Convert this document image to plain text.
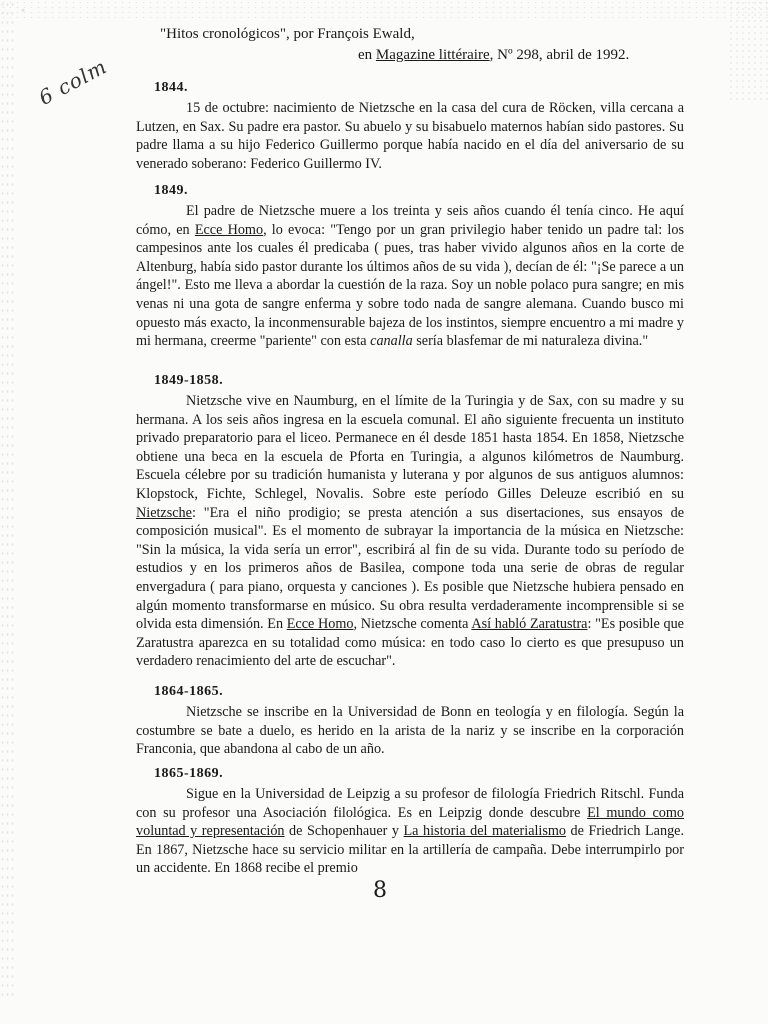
"Hitos cronológicos", por François Ewald,
en Magazine littéraire, Nº 298, abril de 1992.
6 colm	1844.

15 de octubre: nacimiento de Nietzsche en la casa del cura de Röcken, villa cercana a Lutzen, en Sax. Su padre era pastor. Su abuelo y su bisabuelo maternos habían sido pastores. Su padre llama a su hijo Federico Guillermo porque había nacido en el día del aniversario de su venerado soberano: Federico Guillermo IV.

1849.

El padre de Nietzsche muere a los treinta y seis años cuando él tenía cinco. He aquí cómo, en Ecce Homo, lo evoca: "Tengo por un gran privilegio haber tenido un padre tal: los campesinos ante los cuales él predicaba ( pues, tras haber vivido algunos años en la corte de Altenburg, había sido pastor durante los últimos años de su vida ), decían de él: "¡Se parece a un ángel!". Esto me lleva a abordar la cuestión de la raza. Soy un noble polaco pura sangre; en mis venas ni una gota de sangre enferma y sobre todo nada de sangre alemana. Cuando busco mi opuesto más exacto, la inconmensurable bajeza de los instintos, siempre encuentro a mi madre y mi hermana, creerme "pariente" con esta canalla sería blasfemar de mi naturaleza divina."

1849-1858.

Nietzsche vive en Naumburg, en el límite de la Turingia y de Sax, con su madre y su hermana. A los seis años ingresa en la escuela comunal. El año siguiente frecuenta un instituto privado preparatorio para el liceo. Permanece en él desde 1851 hasta 1854. En 1858, Nietzsche obtiene una beca en la escuela de Pforta en Turingia, a algunos kilómetros de Naumburg. Escuela célebre por su tradición humanista y luterana y por algunos de sus antiguos alumnos: Klopstock, Fichte, Schlegel, Novalis. Sobre este período Gilles Deleuze escribió en su Nietzsche: "Era el niño prodigio; se presta atención a sus disertaciones, sus ensayos de composición musical". Es el momento de subrayar la importancia de la música en Nietzsche: "Sin la música, la vida sería un error", escribirá al fin de su vida. Durante todo su período de estudios y en los primeros años de Basilea, compone toda una serie de obras de regular envergadura ( para piano, orquesta y canciones ). Es posible que Nietzsche hubiera pensado en algún momento transformarse en músico. Su obra resulta verdaderamente incomprensible si se olvida esta dimensión. En Ecce Homo, Nietzsche comenta Así habló Zaratustra: "Es posible que Zaratustra aparezca en su totalidad como música: en todo caso lo cierto es que presupuso un verdadero renacimiento del arte de escuchar".

1864-1865.

Nietzsche se inscribe en la Universidad de Bonn en teología y en filología. Según la costumbre se bate a duelo, es herido en la arista de la nariz y se inscribe en la corporación Franconia, que abandona al cabo de un año.

1865-1869.

Sigue en la Universidad de Leipzig a su profesor de filología Friedrich Ritschl. Funda con su profesor una Asociación filológica. Es en Leipzig donde descubre El mundo como voluntad y representación de Schopenhauer y La historia del materialismo de Friedrich Lange. En 1867, Nietzsche hace su servicio militar en la artillería de campaña. Debe interrumpirlo por un accidente. En 1868 recibe el premio

8
